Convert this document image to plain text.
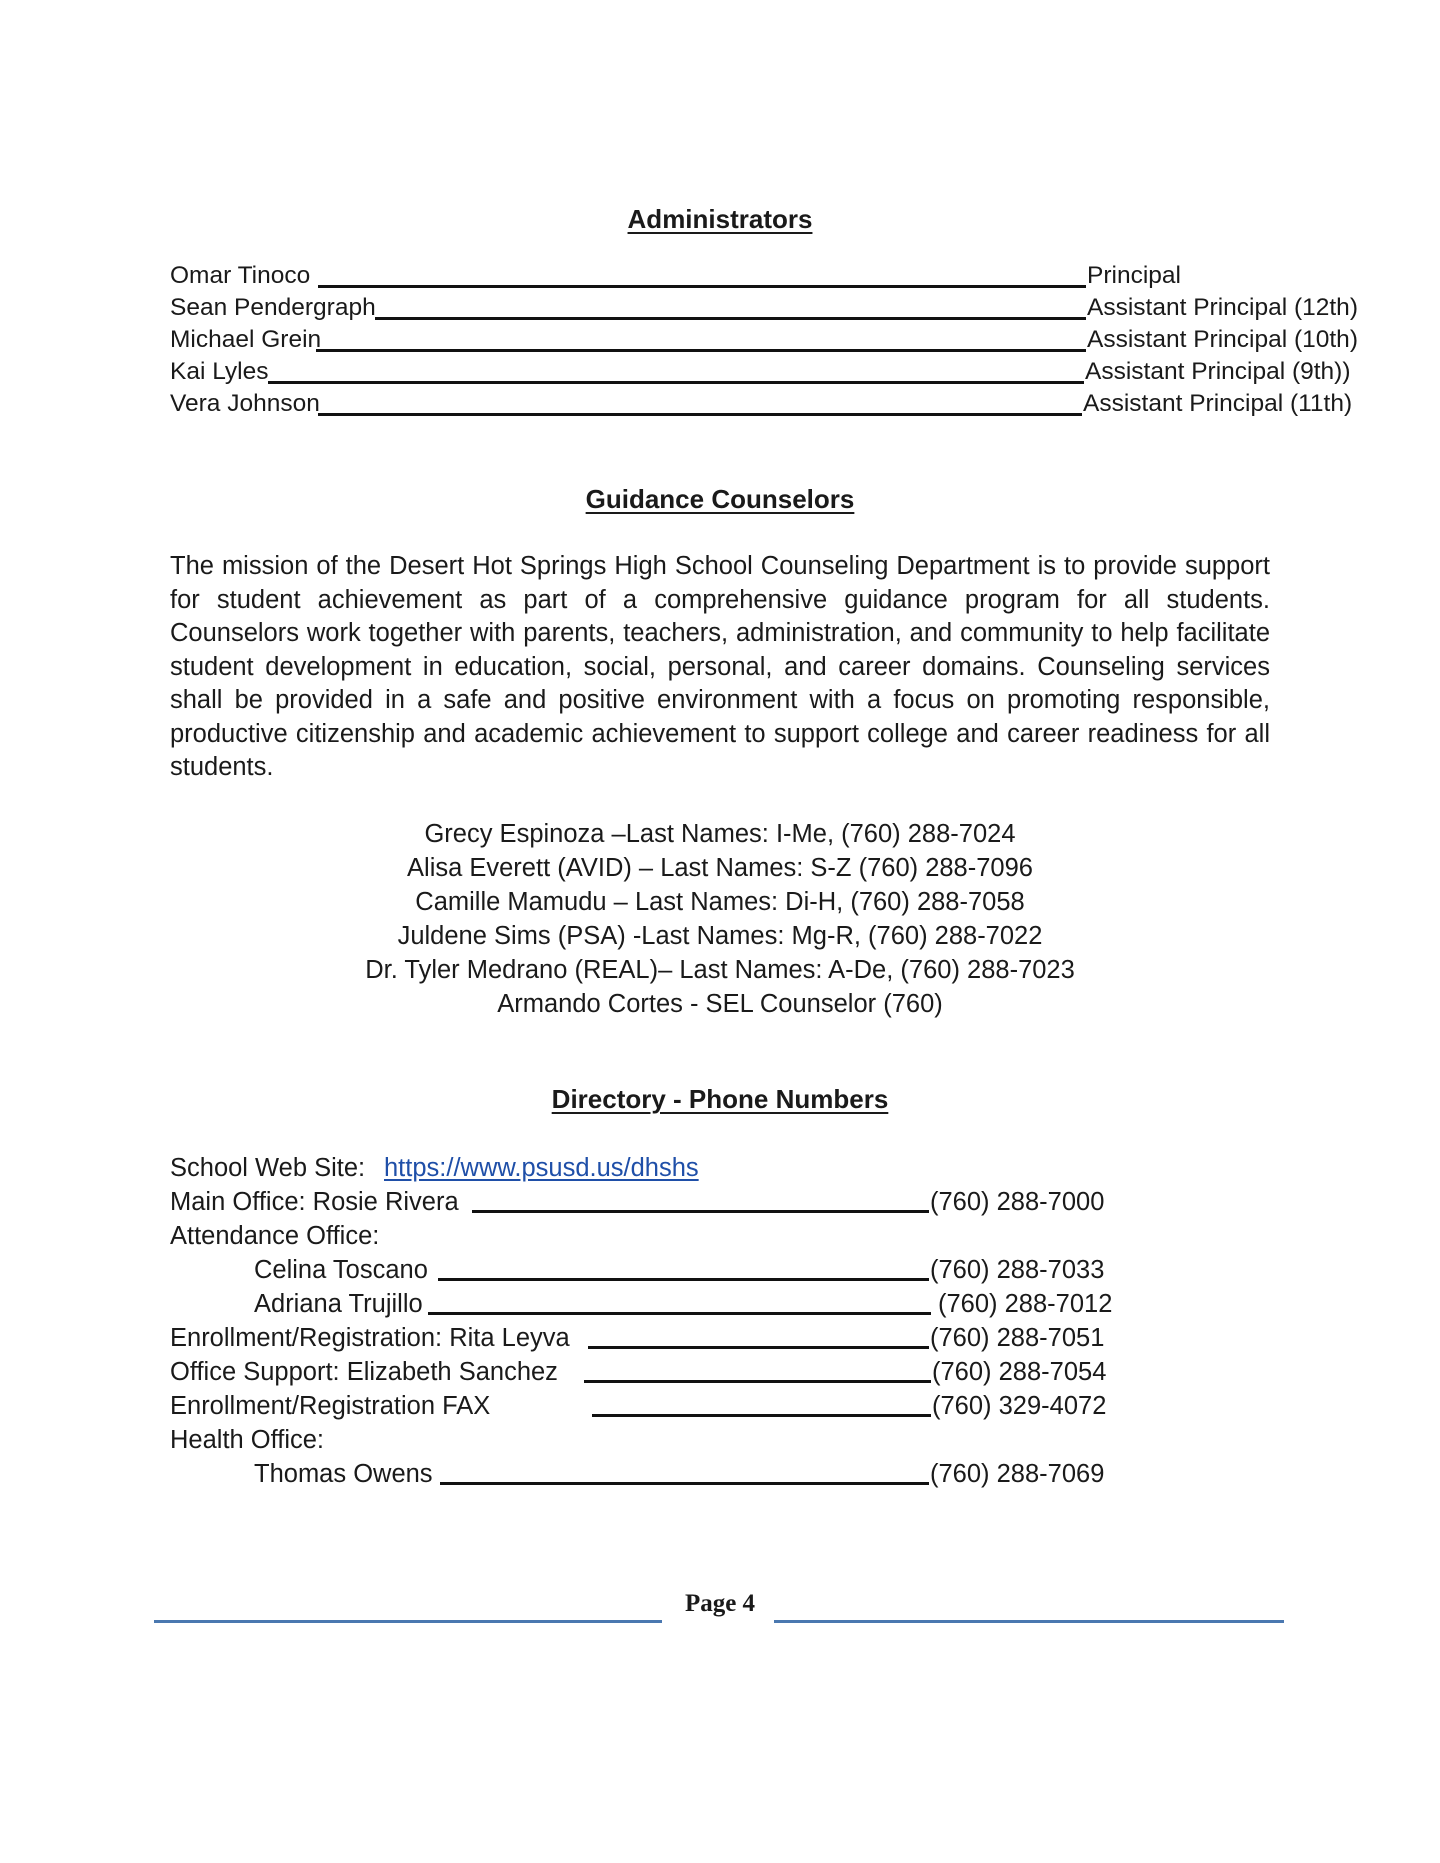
Administrators
Omar Tinoco	Principal
Sean Pendergraph	Assistant Principal (12th)
Michael Grein	Assistant Principal (10th)
Kai Lyles	Assistant Principal (9th))
Vera Johnson	Assistant Principal (11th)
Guidance Counselors

The mission of the Desert Hot Springs High School Counseling Department is to provide support for student achievement as part of a comprehensive guidance program for all students. Counselors work together with parents, teachers, administration, and community to help facilitate student development in education, social, personal, and career domains. Counseling services shall be provided in a safe and positive environment with a focus on promoting responsible, productive citizenship and academic achievement to support college and career readiness for all students.

Grecy Espinoza –Last Names: I-Me, (760) 288-7024
Alisa Everett (AVID) – Last Names: S-Z (760) 288-7096
Camille Mamudu – Last Names: Di-H, (760) 288-7058
Juldene Sims (PSA) -Last Names: Mg-R, (760) 288-7022
Dr. Tyler Medrano (REAL)– Last Names: A-De, (760) 288-7023
Armando Cortes - SEL Counselor (760)
Directory - Phone Numbers
School Web Site: https://www.psusd.us/dhshs
Main Office: Rosie Rivera	(760) 288-7000
Attendance Office:
Celina Toscano	(760) 288-7033
Adriana Trujillo	(760) 288-7012
Enrollment/Registration: Rita Leyva	(760) 288-7051
Office Support: Elizabeth Sanchez	(760) 288-7054
Enrollment/Registration FAX	(760) 329-4072
Health Office:
Thomas Owens	(760) 288-7069
Page 4
